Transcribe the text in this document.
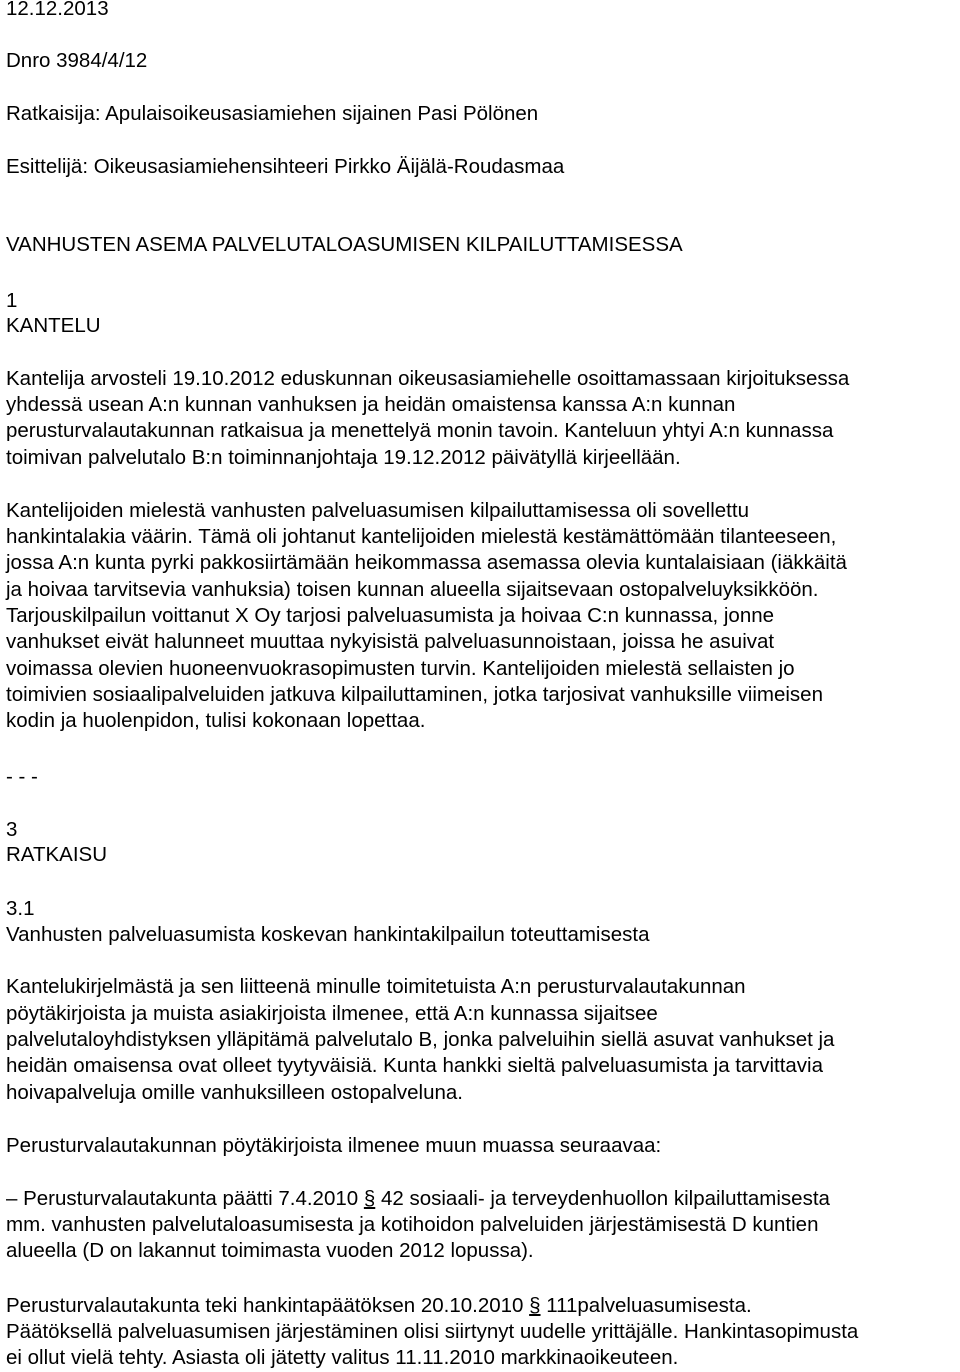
12.12.2013

Dnro 3984/4/12

Ratkaisija: Apulaisoikeusasiamiehen sijainen Pasi Pölönen

Esittelijä: Oikeusasiamiehensihteeri Pirkko Äijälä-Roudasmaa

VANHUSTEN ASEMA PALVELUTALOASUMISEN KILPAILUTTAMISESSA

1

KANTELU

Kantelija arvosteli 19.10.2012 eduskunnan oikeusasiamiehelle osoittamassaan kirjoituksessa

yhdessä usean A:n kunnan vanhuksen ja heidän omaistensa kanssa A:n kunnan

perusturvalautakunnan ratkaisua ja menettelyä monin tavoin. Kanteluun yhtyi A:n kunnassa

toimivan palvelutalo B:n toiminnanjohtaja 19.12.2012 päivätyllä kirjeellään.

Kantelijoiden mielestä vanhusten palveluasumisen kilpailuttamisessa oli sovellettu

hankintalakia väärin. Tämä oli johtanut kantelijoiden mielestä kestämättömään tilanteeseen,

jossa A:n kunta pyrki pakkosiirtämään heikommassa asemassa olevia kuntalaisiaan (iäkkäitä

ja hoivaa tarvitsevia vanhuksia) toisen kunnan alueella sijaitsevaan ostopalveluyksikköön.

Tarjouskilpailun voittanut X Oy tarjosi palveluasumista ja hoivaa C:n kunnassa, jonne

vanhukset eivät halunneet muuttaa nykyisistä palveluasunnoistaan, joissa he asuivat

voimassa olevien huoneenvuokrasopimusten turvin. Kantelijoiden mielestä sellaisten jo

toimivien sosiaalipalveluiden jatkuva kilpailuttaminen, jotka tarjosivat vanhuksille viimeisen

kodin ja huolenpidon, tulisi kokonaan lopettaa.

- - -

3

RATKAISU

3.1

Vanhusten palveluasumista koskevan hankintakilpailun toteuttamisesta

Kantelukirjelmästä ja sen liitteenä minulle toimitetuista A:n perusturvalautakunnan

pöytäkirjoista ja muista asiakirjoista ilmenee, että A:n kunnassa sijaitsee

palvelutaloyhdistyksen ylläpitämä palvelutalo B, jonka palveluihin siellä asuvat vanhukset ja

heidän omaisensa ovat olleet tyytyväisiä. Kunta hankki sieltä palveluasumista ja tarvittavia

hoivapalveluja omille vanhuksilleen ostopalveluna.

Perusturvalautakunnan pöytäkirjoista ilmenee muun muassa seuraavaa:

– Perusturvalautakunta päätti 7.4.2010 § 42 sosiaali- ja terveydenhuollon kilpailuttamisesta

mm. vanhusten palvelutaloasumisesta ja kotihoidon palveluiden järjestämisestä D kuntien

alueella (D on lakannut toimimasta vuoden 2012 lopussa).

Perusturvalautakunta teki hankintapäätöksen 20.10.2010 § 111palveluasumisesta.

Päätöksellä palveluasumisen järjestäminen olisi siirtynyt uudelle yrittäjälle. Hankintasopimusta

ei ollut vielä tehty. Asiasta oli jätetty valitus 11.11.2010 markkinaoikeuteen.
